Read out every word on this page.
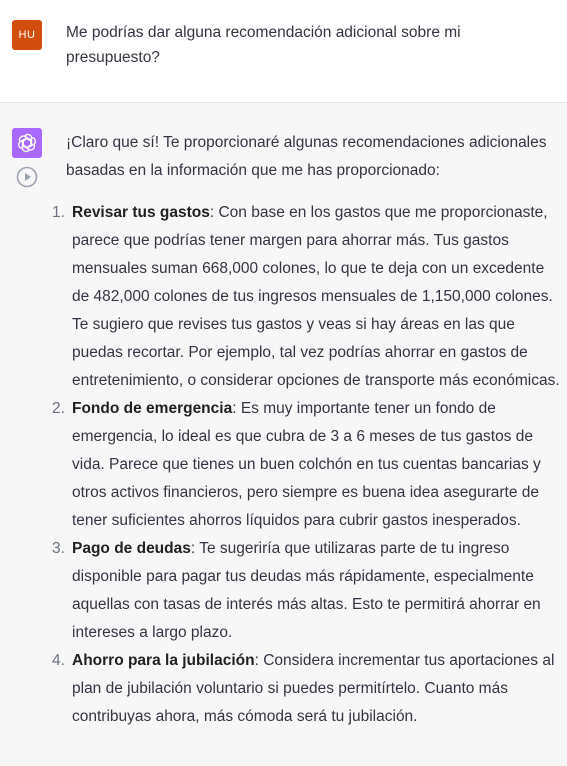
HU	Me podrías dar alguna recomendación adicional sobre mi presupuesto?

¡Claro que sí! Te proporcionaré algunas recomendaciones adicionales basadas en la información que me has proporcionado:

1. Revisar tus gastos: Con base en los gastos que me proporcionaste, parece que podrías tener margen para ahorrar más. Tus gastos mensuales suman 668,000 colones, lo que te deja con un excedente de 482,000 colones de tus ingresos mensuales de 1,150,000 colones. Te sugiero que revises tus gastos y veas si hay áreas en las que puedas recortar. Por ejemplo, tal vez podrías ahorrar en gastos de entretenimiento, o considerar opciones de transporte más económicas.
2. Fondo de emergencia: Es muy importante tener un fondo de emergencia, lo ideal es que cubra de 3 a 6 meses de tus gastos de vida. Parece que tienes un buen colchón en tus cuentas bancarias y otros activos financieros, pero siempre es buena idea asegurarte de tener suficientes ahorros líquidos para cubrir gastos inesperados.
3. Pago de deudas: Te sugeriría que utilizaras parte de tu ingreso disponible para pagar tus deudas más rápidamente, especialmente aquellas con tasas de interés más altas. Esto te permitirá ahorrar en intereses a largo plazo.
4. Ahorro para la jubilación: Considera incrementar tus aportaciones al plan de jubilación voluntario si puedes permitírtelo. Cuanto más contribuyas ahora, más cómoda será tu jubilación.
